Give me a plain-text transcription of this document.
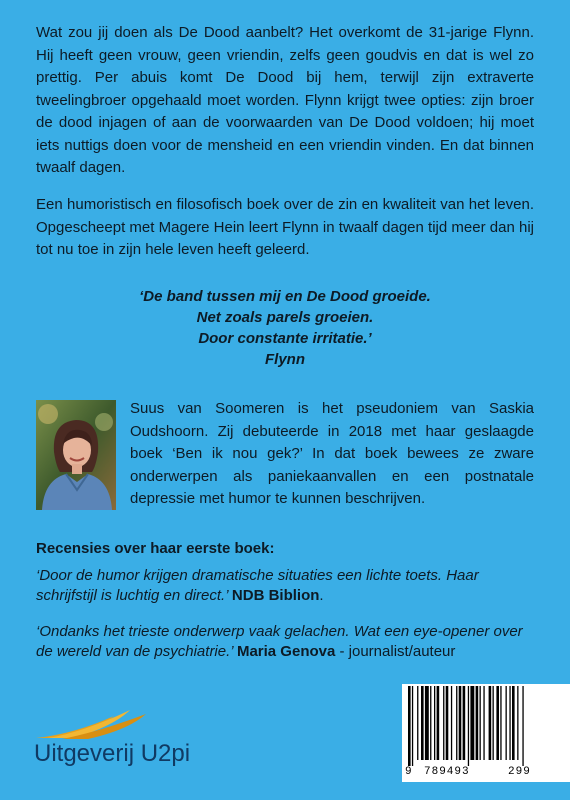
Wat zou jij doen als De Dood aanbelt? Het overkomt de 31-jarige Flynn. Hij heeft geen vrouw, geen vriendin, zelfs geen goudvis en dat is wel zo prettig. Per abuis komt De Dood bij hem, terwijl zijn extraverte tweelingbroer opgehaald moet worden. Flynn krijgt twee opties: zijn broer de dood injagen of aan de voorwaarden van De Dood voldoen; hij moet iets nuttigs doen voor de mensheid en een vriendin vinden. En dat binnen twaalf dagen.

Een humoristisch en filosofisch boek over de zin en kwaliteit van het leven. Opgescheept met Magere Hein leert Flynn in twaalf dagen tijd meer dan hij tot nu toe in zijn hele leven heeft geleerd.

‘De band tussen mij en De Dood groeide.
Net zoals parels groeien.
Door constante irritatie.’
Flynn

Suus van Soomeren is het pseudoniem van Saskia Oudshoorn. Zij debuteerde in 2018 met haar geslaagde boek ‘Ben ik nou gek?’ In dat boek bewees ze zware onderwerpen als paniekaanvallen en een postnatale depressie met humor te kunnen beschrijven.

Recensies over haar eerste boek:
‘Door de humor krijgen dramatische situaties een lichte toets. Haar schrijfstijl is luchtig en direct.’ NDB Biblion.
‘Ondanks het trieste onderwerp vaak gelachen. Wat een eye-opener over de wereld van de psychiatrie.’ Maria Genova - journalist/auteur
Uitgeverij U2pi
9 789493	299
